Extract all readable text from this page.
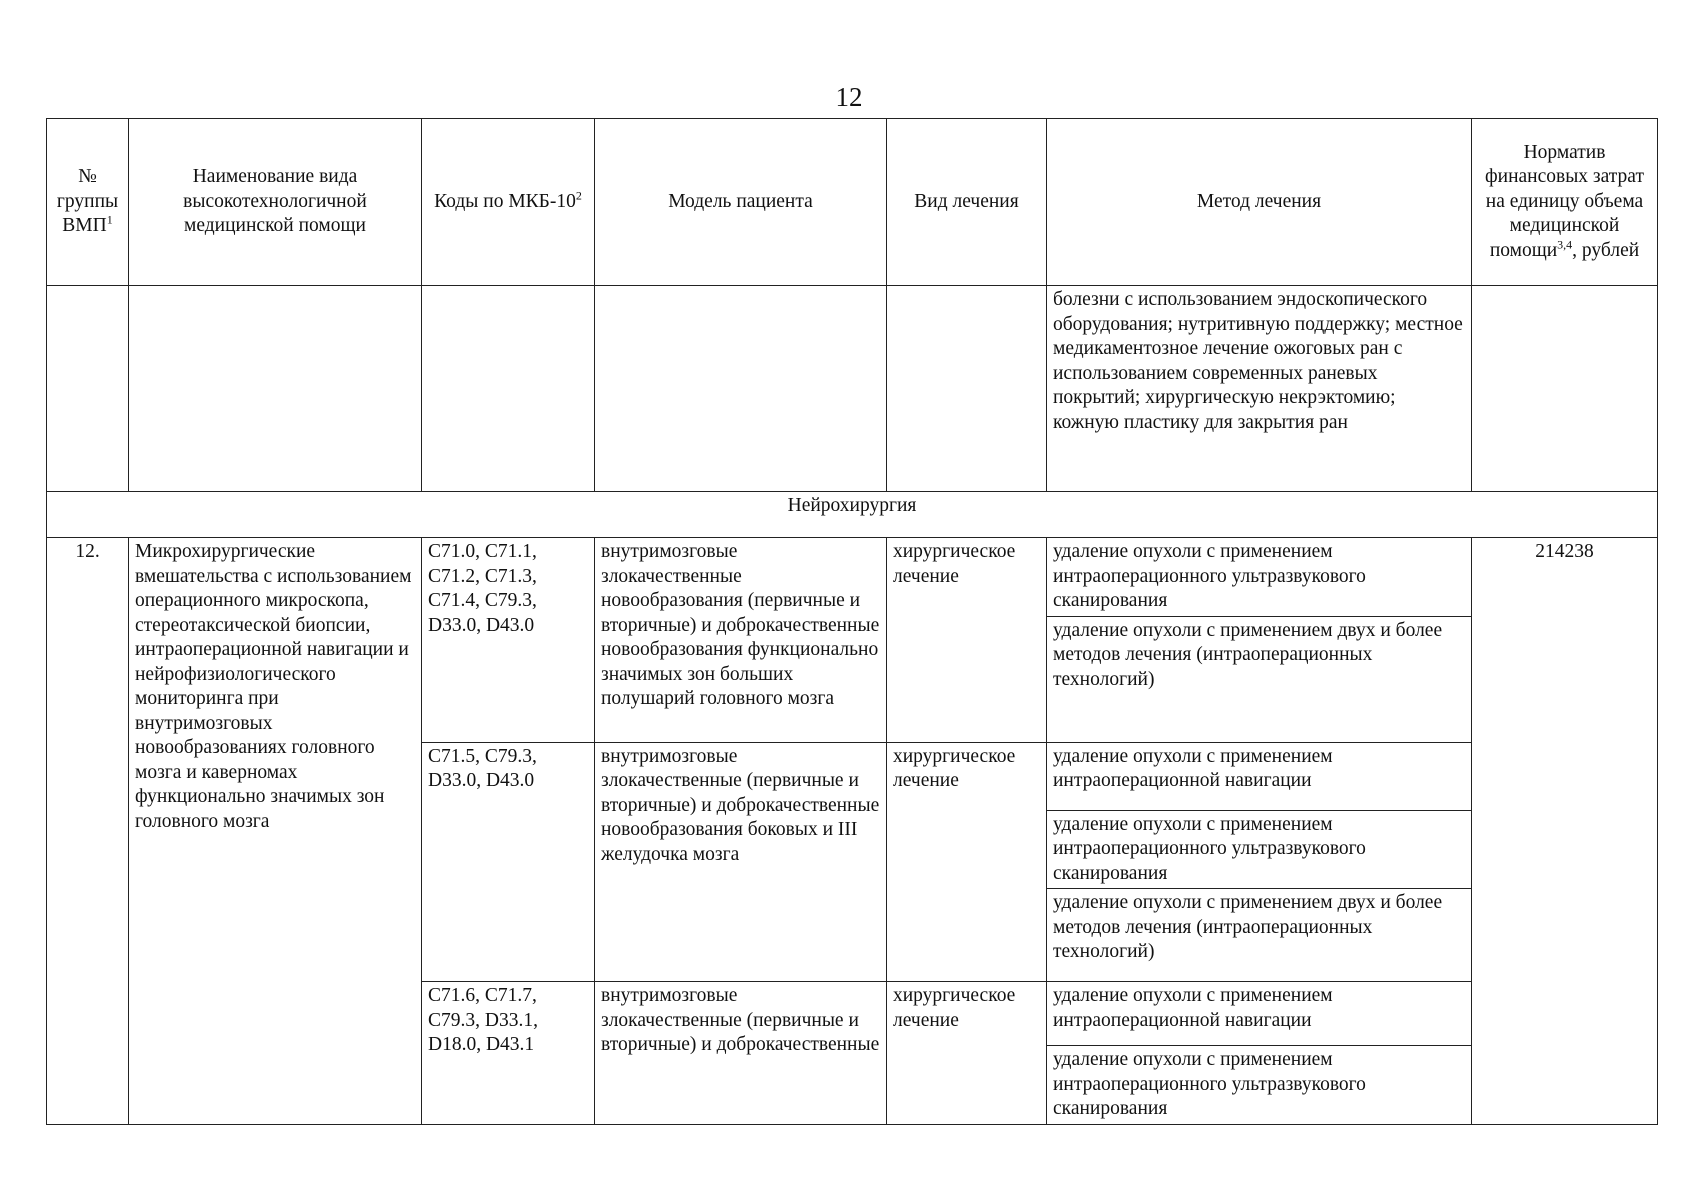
12
№ группы ВМП$^1$	Наименование вида высокотехнологичной медицинской помощи	Коды по МКБ-$10^2$	Модель пациента	Вид лечения	Метод лечения	Норматив финансовых затрат на единицу объема медицинской помощи$^{3,4}$, рублей
					болезни с использованием эндоскопического оборудования; нутритивную поддержку; местное медикаментозное лечение ожоговых ран с использованием современных раневых покрытий; хирургическую некрэктомию; кожную пластику для закрытия ран	
Нейрохирургия						
12.	Микрохирургические вмешательства с использованием операционного микроскопа, стереотаксической биопсии, интраоперационной навигации и нейрофизиологического мониторинга при внутримозговых новообразованиях головного мозга и каверномах функционально значимых зон головного мозга	C71.0, C71.1, C71.2, C71.3, C71.4, C79.3, D33.0, D43.0	внутримозговые злокачественные новообразования (первичные и вторичные) и доброкачественные новообразования функционально значимых зон больших полушарий головного мозга	хирургическое лечение	удаление опухоли с применением интраоперационного ультразвукового сканирования	214238
					удаление опухоли с применением двух и более методов лечения (интраоперационных технологий)	
		C71.5, C79.3, D33.0, D43.0	внутримозговые злокачественные (первичные и вторичные) и доброкачественные новообразования боковых и III желудочка мозга	хирургическое лечение	удаление опухоли с применением интраоперационной навигации	
					удаление опухоли с применением интраоперационного ультразвукового сканирования	
					удаление опухоли с применением двух и более методов лечения (интраоперационных технологий)	
		C71.6, C71.7, C79.3, D33.1, D18.0, D43.1	внутримозговые злокачественные (первичные и вторичные) и доброкачественные	хирургическое лечение	удаление опухоли с применением интраоперационной навигации	
					удаление опухоли с применением интраоперационного ультразвукового сканирования	
